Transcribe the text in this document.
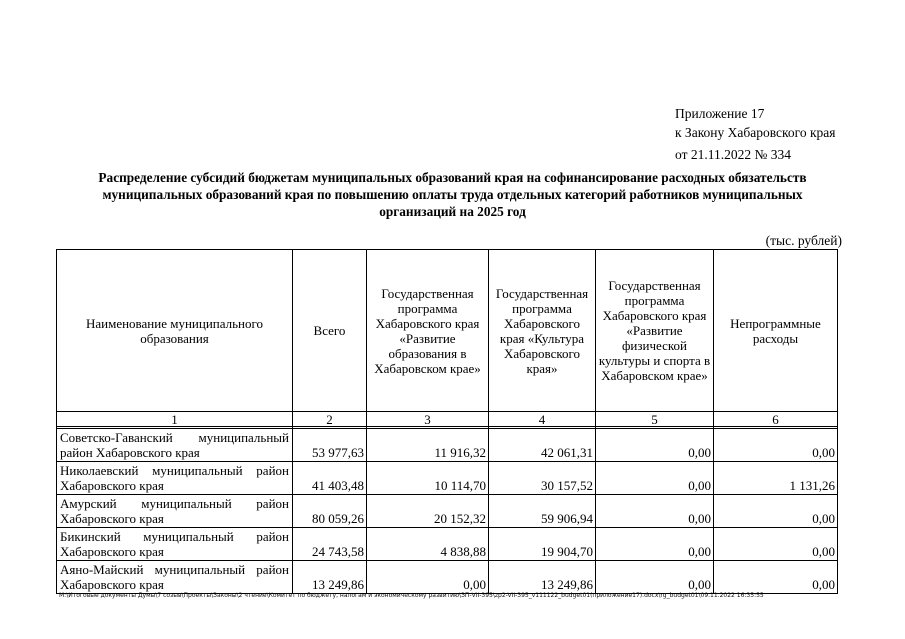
Приложение 17
к Закону Хабаровского края
от 21.11.2022 № 334
Распределение субсидий бюджетам муниципальных образований края на софинансирование расходных обязательств
муниципальных образований края по повышению оплаты труда отдельных категорий работников муниципальных
организаций на 2025 год
(тыс. рублей)
Наименование муниципального образования	Всего	Государственная программа Хабаровского края «Развитие образования в Хабаровском крае»	Государственная программа Хабаровского края «Культура Хабаровского края»	Государственная программа Хабаровского края «Развитие физической культуры и спорта в Хабаровском крае»	Непрограммные расходы
1	2	3	4	5	6

Советско-Гаванский муниципальный район Хабаровского края	53 977,63	11 916,32	42 061,31	0,00	0,00
Николаевский муниципальный район Хабаровского края	41 403,48	10 114,70	30 157,52	0,00	1 131,26
Амурский муниципальный район Хабаровского края	80 059,26	20 152,32	59 906,94	0,00	0,00
Бикинский муниципальный район Хабаровского края	24 743,58	4 838,88	19 904,70	0,00	0,00
Аяно-Майский муниципальный район Хабаровского края	13 249,86	0,00	13 249,86	0,00	0,00
M:\Итоговые документы Думы\7 созыв\Проекты\Законы\2 чтение\Комитет по бюджету, налогам и экономическому развитию\ЗП-VII-395\zp2-VII-395_v111122_budget01(приложение17).docx\rg_budget01\09.11.2022 16:35:55
